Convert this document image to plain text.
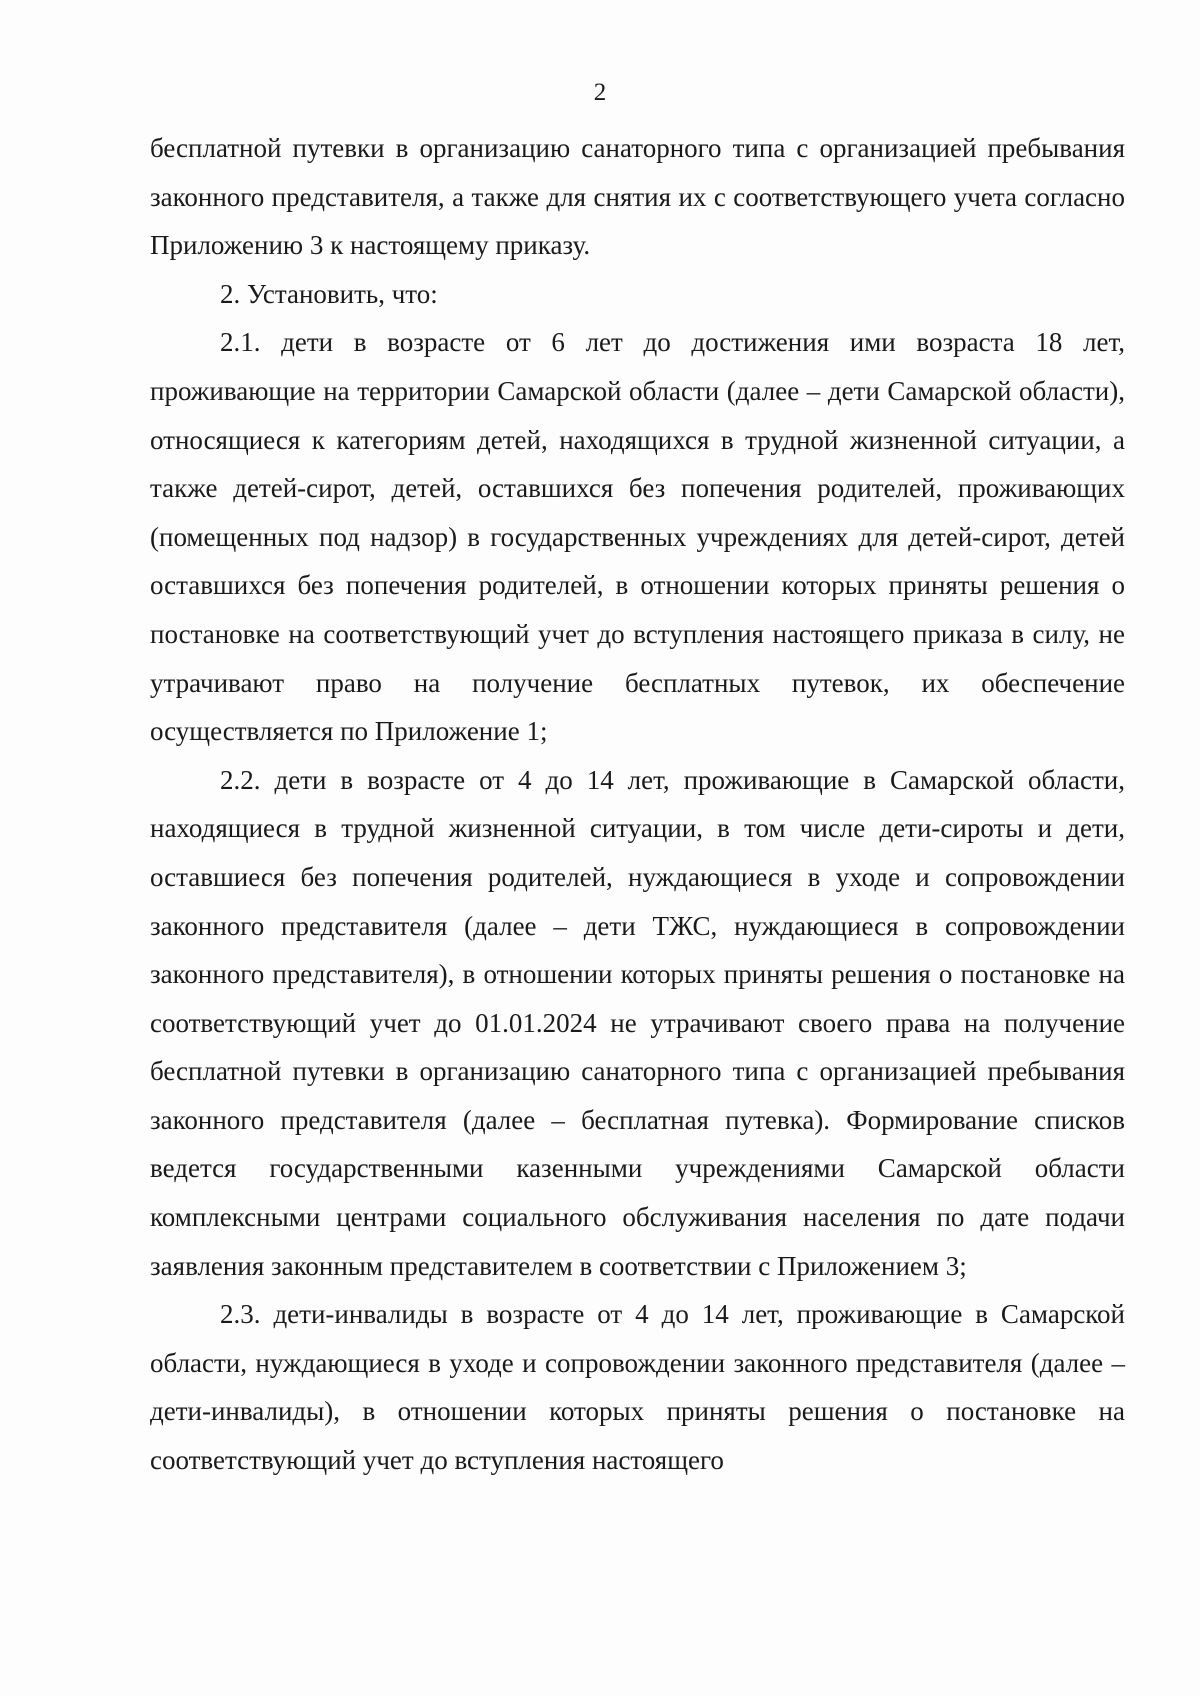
2

бесплатной путевки в организацию санаторного типа с организацией пребывания законного представителя, а также для снятия их с соответствующего учета согласно Приложению 3 к настоящему приказу.

2. Установить, что:

2.1. дети в возрасте от 6 лет до достижения ими возраста 18 лет, проживающие на территории Самарской области (далее – дети Самарской области), относящиеся к категориям детей, находящихся в трудной жизненной ситуации, а также детей-сирот, детей, оставшихся без попечения родителей, проживающих (помещенных под надзор) в государственных учреждениях для детей-сирот, детей оставшихся без попечения родителей, в отношении которых приняты решения о постановке на соответствующий учет до вступления настоящего приказа в силу, не утрачивают право на получение бесплатных путевок, их обеспечение осуществляется по Приложение 1;

2.2. дети в возрасте от 4 до 14 лет, проживающие в Самарской области, находящиеся в трудной жизненной ситуации, в том числе дети-сироты и дети, оставшиеся без попечения родителей, нуждающиеся в уходе и сопровождении законного представителя (далее – дети ТЖС, нуждающиеся в сопровождении законного представителя), в отношении которых приняты решения о постановке на соответствующий учет до 01.01.2024 не утрачивают своего права на получение бесплатной путевки в организацию санаторного типа с организацией пребывания законного представителя (далее – бесплатная путевка). Формирование списков ведется государственными казенными учреждениями Самарской области комплексными центрами социального обслуживания населения по дате подачи заявления законным представителем в соответствии с Приложением 3;

2.3. дети-инвалиды в возрасте от 4 до 14 лет, проживающие в Самарской области, нуждающиеся в уходе и сопровождении законного представителя (далее – дети-инвалиды), в отношении которых приняты решения о постановке на соответствующий учет до вступления настоящего
